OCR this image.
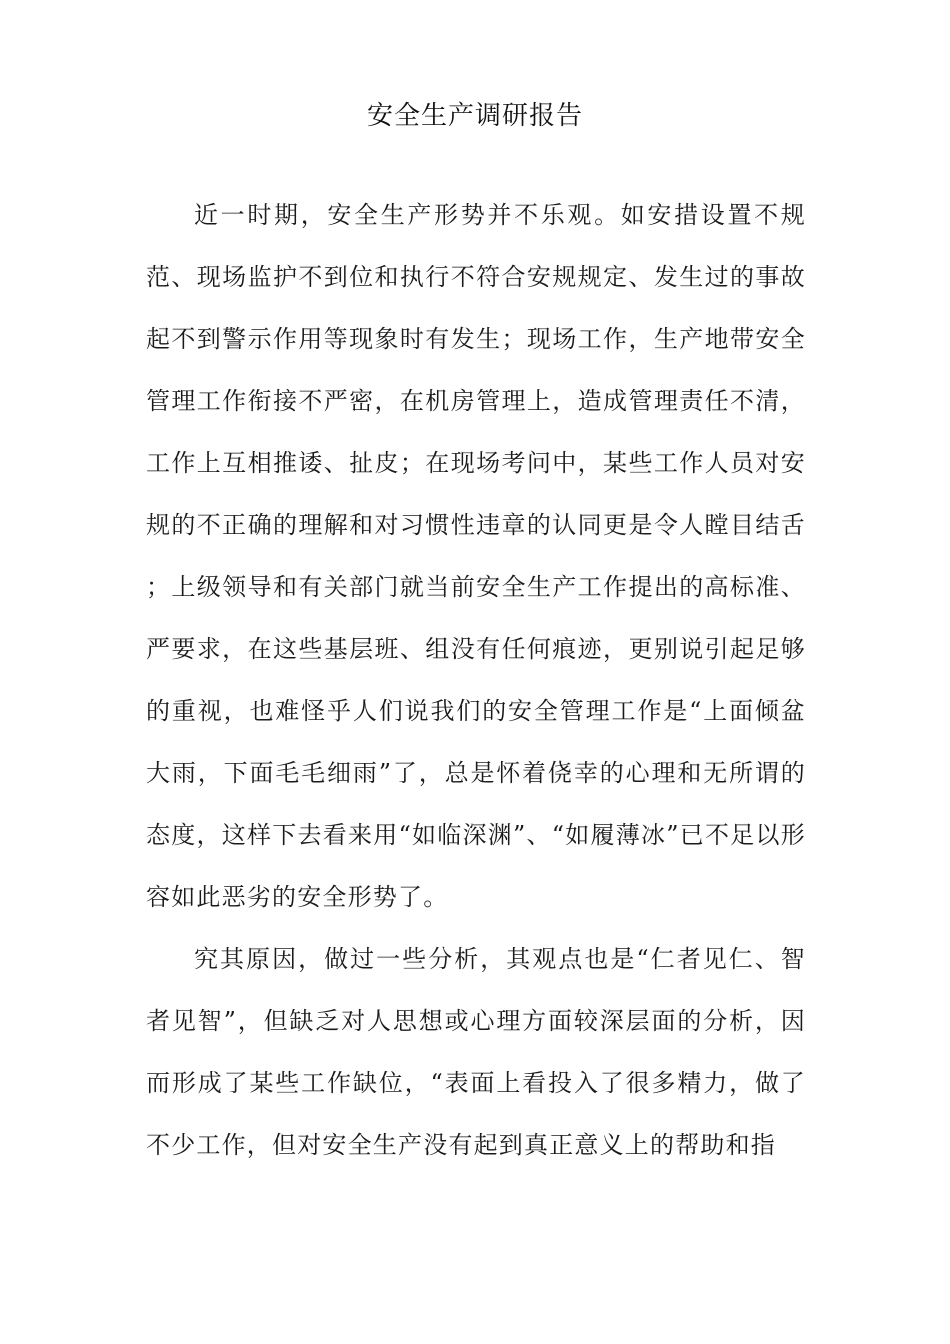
安全生产调研报告

近一时期，安全生产形势并不乐观。如安措设置不规范、现场监护不到位和执行不符合安规规定、发生过的事故起不到警示作用等现象时有发生；现场工作，生产地带安全管理工作衔接不严密，在机房管理上，造成管理责任不清，工作上互相推诿、扯皮；在现场考问中，某些工作人员对安规的不正确的理解和对习惯性违章的认同更是令人瞠目结舌 ；上级领导和有关部门就当前安全生产工作提出的高标准、严要求，在这些基层班、组没有任何痕迹，更别说引起足够的重视，也难怪乎人们说我们的安全管理工作是“上面倾盆大雨，下面毛毛细雨”了，总是怀着侥幸的心理和无所谓的态度，这样下去看来用“如临深渊”、“如履薄冰”已不足以形容如此恶劣的安全形势了。

究其原因，做过一些分析，其观点也是“仁者见仁、智者见智”，但缺乏对人思想或心理方面较深层面的分析，因而形成了某些工作缺位，“表面上看投入了很多精力，做了不少工作，但对安全生产没有起到真正意义上的帮助和指
